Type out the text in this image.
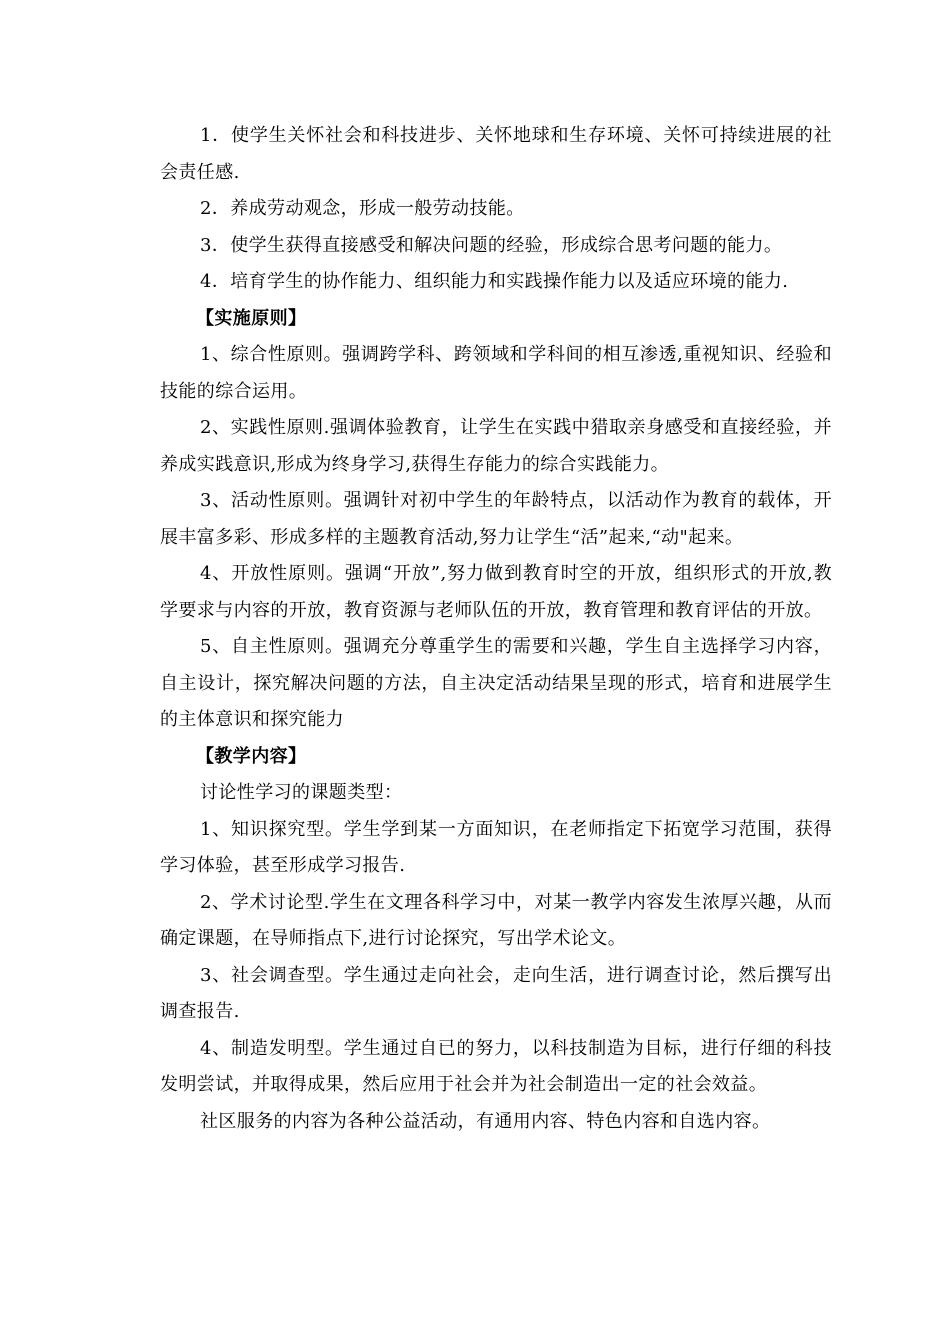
1．使学生关怀社会和科技进步、关怀地球和生存环境、关怀可持续进展的社会责任感.

2．养成劳动观念，形成一般劳动技能。

3．使学生获得直接感受和解决问题的经验，形成综合思考问题的能力。

4．培育学生的协作能力、组织能力和实践操作能力以及适应环境的能力.

【实施原则】

1、综合性原则。强调跨学科、跨领域和学科间的相互渗透,重视知识、经验和技能的综合运用。

2、实践性原则.强调体验教育，让学生在实践中猎取亲身感受和直接经验，并养成实践意识,形成为终身学习,获得生存能力的综合实践能力。

3、活动性原则。强调针对初中学生的年龄特点，以活动作为教育的载体，开展丰富多彩、形成多样的主题教育活动,努力让学生“活”起来,“动"起来。

4、开放性原则。强调“开放”,努力做到教育时空的开放，组织形式的开放,教学要求与内容的开放，教育资源与老师队伍的开放，教育管理和教育评估的开放。

5、自主性原则。强调充分尊重学生的需要和兴趣，学生自主选择学习内容，自主设计，探究解决问题的方法，自主决定活动结果呈现的形式，培育和进展学生的主体意识和探究能力

【教学内容】

讨论性学习的课题类型：

1、知识探究型。学生学到某一方面知识，在老师指定下拓宽学习范围，获得学习体验，甚至形成学习报告.

2、学术讨论型.学生在文理各科学习中，对某一教学内容发生浓厚兴趣，从而确定课题，在导师指点下,进行讨论探究，写出学术论文。

3、社会调查型。学生通过走向社会，走向生活，进行调查讨论，然后撰写出调查报告.

4、制造发明型。学生通过自已的努力，以科技制造为目标，进行仔细的科技发明尝试，并取得成果，然后应用于社会并为社会制造出一定的社会效益。

社区服务的内容为各种公益活动，有通用内容、特色内容和自选内容。
